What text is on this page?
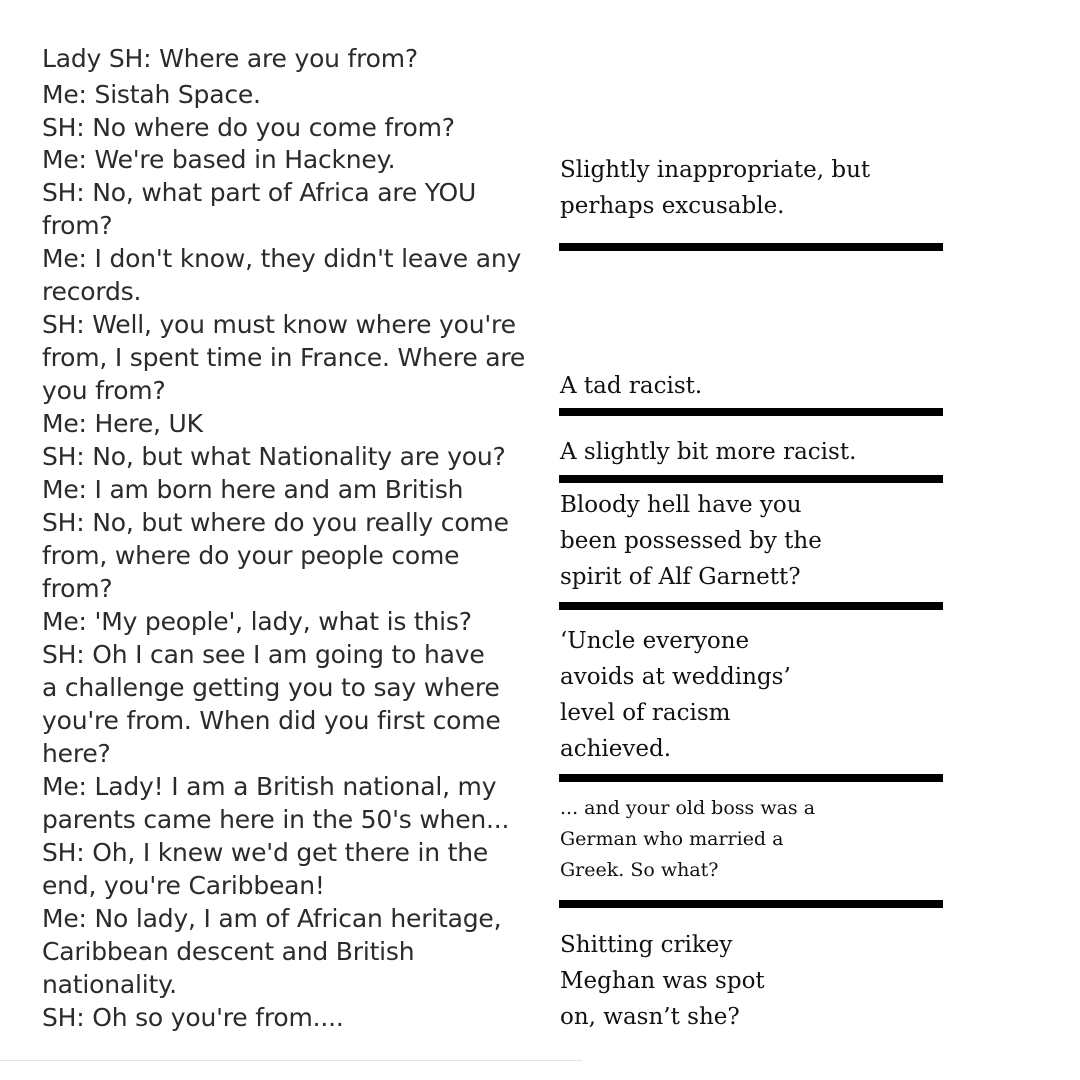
Lady SH: Where are you from?
Me: Sistah Space.
SH: No where do you come from?
Me: We're based in Hackney.
SH: No, what part of Africa are YOU
from?
Me: I don't know, they didn't leave any
records.
SH: Well, you must know where you're
from, I spent time in France. Where are
you from?
Me: Here, UK
SH: No, but what Nationality are you?
Me: I am born here and am British
SH: No, but where do you really come
from, where do your people come
from?
Me: 'My people', lady, what is this?
SH: Oh I can see I am going to have
a challenge getting you to say where
you're from. When did you first come
here?
Me: Lady! I am a British national, my
parents came here in the 50's when...
SH: Oh, I knew we'd get there in the
end, you're Caribbean!
Me: No lady, I am of African heritage,
Caribbean descent and British
nationality.
SH: Oh so you're from....
Slightly inappropriate, but
perhaps excusable.
A tad racist.
A slightly bit more racist.
Bloody hell have you
been possessed by the
spirit of Alf Garnett?
‘Uncle everyone
avoids at weddings’
level of racism
achieved.
... and your old boss was a
German who married a
Greek. So what?
Shitting crikey
Meghan was spot
on, wasn’t she?
